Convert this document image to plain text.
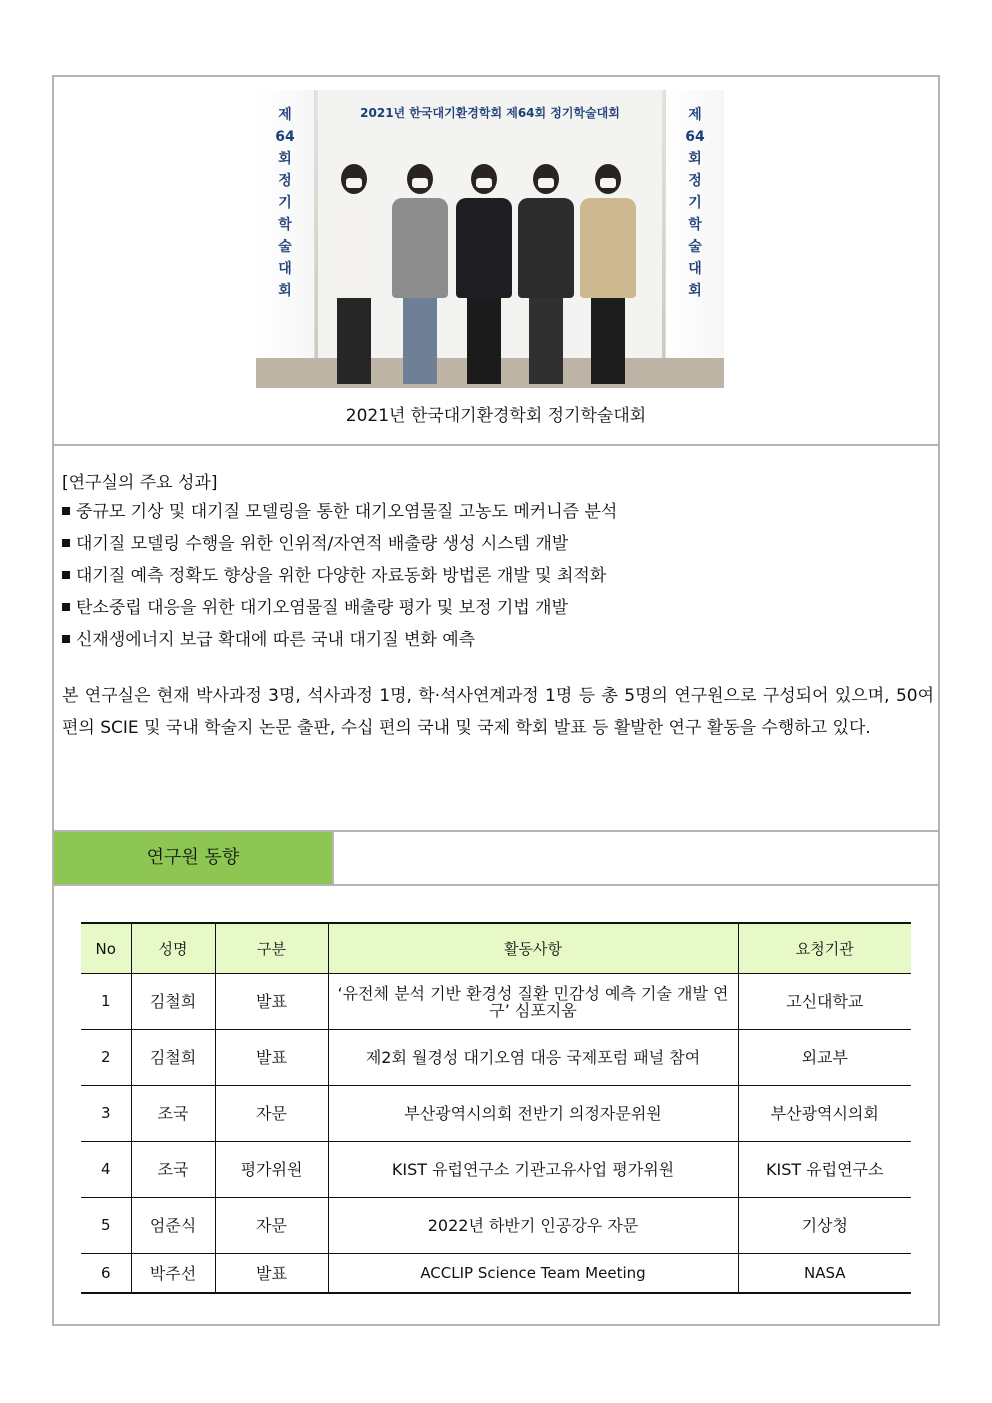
2021년 한국대기환경학회 제64회 정기학술대회
제64회 정기학술대회
제64회 정기학술대회
2021년 한국대기환경학회 정기학술대회
[연구실의 주요 성과]
중규모 기상 및 대기질 모델링을 통한 대기오염물질 고농도 메커니즘 분석
대기질 모델링 수행을 위한 인위적/자연적 배출량 생성 시스템 개발
대기질 예측 정확도 향상을 위한 다양한 자료동화 방법론 개발 및 최적화
탄소중립 대응을 위한 대기오염물질 배출량 평가 및 보정 기법 개발
신재생에너지 보급 확대에 따른 국내 대기질 변화 예측
본 연구실은 현재 박사과정 3명, 석사과정 1명, 학·석사연계과정 1명 등 총 5명의 연구원으로 구성되어 있으며, 50여 편의 SCIE 및 국내 학술지 논문 출판, 수십 편의 국내 및 국제 학회 발표 등 활발한 연구 활동을 수행하고 있다.
연구원 동향
No	성명	구분	활동사항	요청기관
1	김철희	발표	‘유전체 분석 기반 환경성 질환 민감성 예측 기술 개발 연구’ 심포지움	고신대학교
2	김철희	발표	제2회 월경성 대기오염 대응 국제포럼 패널 참여	외교부
3	조국	자문	부산광역시의회 전반기 의정자문위원	부산광역시의회
4	조국	평가위원	KIST 유럽연구소 기관고유사업 평가위원	KIST 유럽연구소
5	엄준식	자문	2022년 하반기 인공강우 자문	기상청
6	박주선	발표	ACCLIP Science Team Meeting	NASA
